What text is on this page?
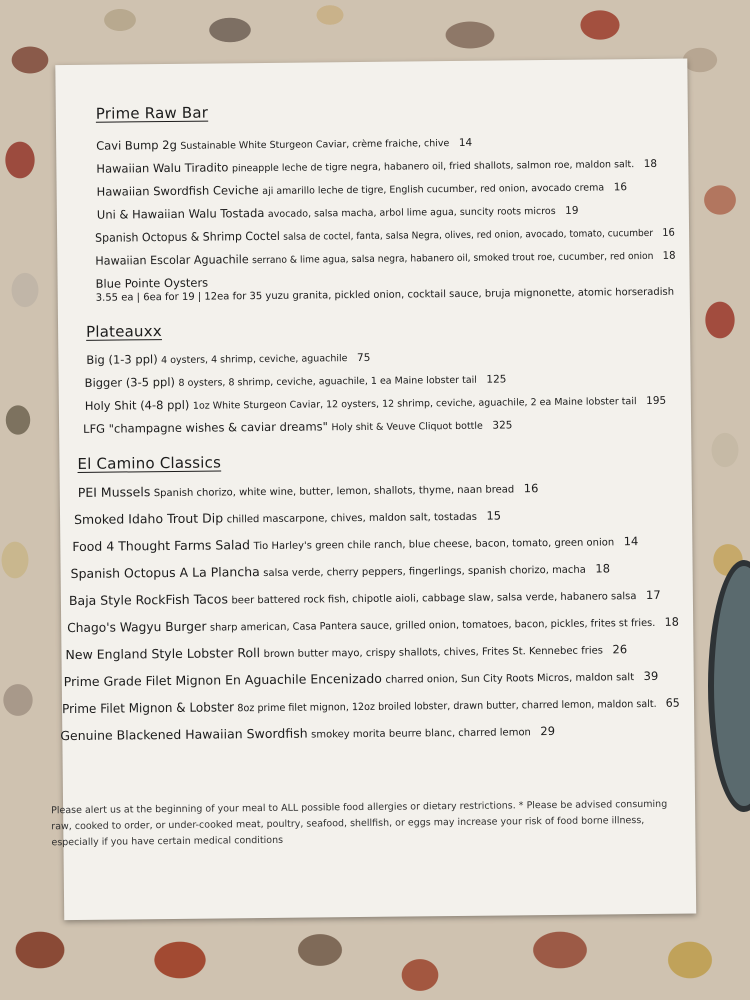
Prime Raw Bar
Cavi Bump 2g Sustainable White Sturgeon Caviar, crème fraiche, chive 14
Hawaiian Walu Tiradito pineapple leche de tigre negra, habanero oil, fried shallots, salmon roe, maldon salt. 18
Hawaiian Swordfish Ceviche aji amarillo leche de tigre, English cucumber, red onion, avocado crema 16
Uni & Hawaiian Walu Tostada avocado, salsa macha, arbol lime agua, suncity roots micros 19
Spanish Octopus & Shrimp Coctel salsa de coctel, fanta, salsa Negra, olives, red onion, avocado, tomato, cucumber 16
Hawaiian Escolar Aguachile serrano & lime agua, salsa negra, habanero oil, smoked trout roe, cucumber, red onion 18
Blue Pointe Oysters
3.55 ea | 6ea for 19 | 12ea for 35 yuzu granita, pickled onion, cocktail sauce, bruja mignonette, atomic horseradish
Plateauxx
Big (1-3 ppl) 4 oysters, 4 shrimp, ceviche, aguachile 75
Bigger (3-5 ppl) 8 oysters, 8 shrimp, ceviche, aguachile, 1 ea Maine lobster tail 125
Holy Shit (4-8 ppl) 1oz White Sturgeon Caviar, 12 oysters, 12 shrimp, ceviche, aguachile, 2 ea Maine lobster tail 195
LFG "champagne wishes & caviar dreams" Holy shit & Veuve Cliquot bottle 325
El Camino Classics
PEI Mussels Spanish chorizo, white wine, butter, lemon, shallots, thyme, naan bread 16
Smoked Idaho Trout Dip chilled mascarpone, chives, maldon salt, tostadas 15
Food 4 Thought Farms Salad Tio Harley's green chile ranch, blue cheese, bacon, tomato, green onion 14
Spanish Octopus A La Plancha salsa verde, cherry peppers, fingerlings, spanish chorizo, macha 18
Baja Style RockFish Tacos beer battered rock fish, chipotle aioli, cabbage slaw, salsa verde, habanero salsa 17
Chago's Wagyu Burger sharp american, Casa Pantera sauce, grilled onion, tomatoes, bacon, pickles, frites st fries. 18
New England Style Lobster Roll brown butter mayo, crispy shallots, chives, Frites St. Kennebec fries 26
Prime Grade Filet Mignon En Aguachile Encenizado charred onion, Sun City Roots Micros, maldon salt 39
Prime Filet Mignon & Lobster 8oz prime filet mignon, 12oz broiled lobster, drawn butter, charred lemon, maldon salt. 65
Genuine Blackened Hawaiian Swordfish smokey morita beurre blanc, charred lemon 29
Please alert us at the beginning of your meal to ALL possible food allergies or dietary restrictions. * Please be advised consuming raw, cooked to order, or under-cooked meat, poultry, seafood, shellfish, or eggs may increase your risk of food borne illness, especially if you have certain medical conditions
